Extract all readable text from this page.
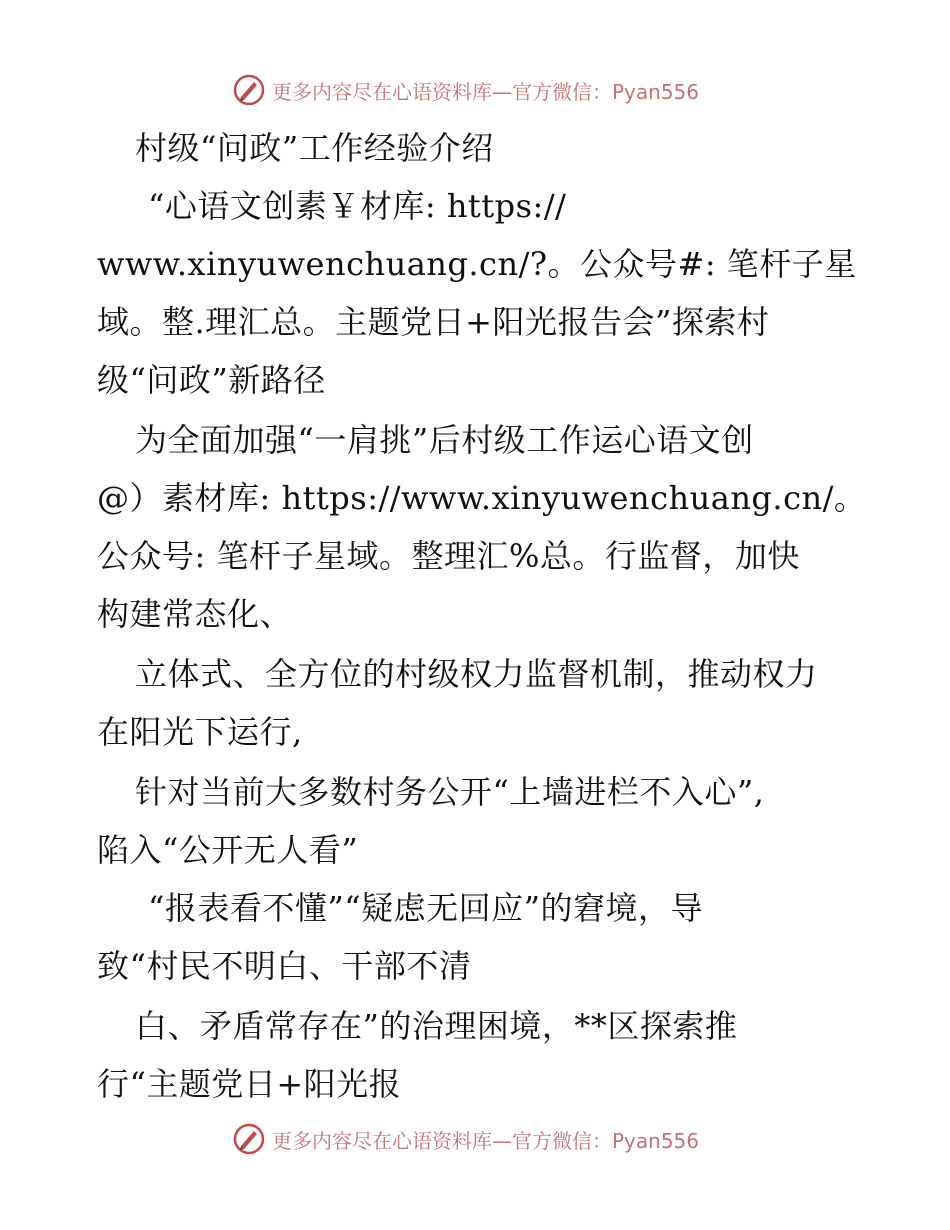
更多内容尽在心语资料库—官方微信：Pyan556
村级“问政”工作经验介绍
“心语文创素￥材库: https://
www.xinyuwenchuang.cn/?。公众号#: 笔杆子星
域。整.理汇总。主题党日+阳光报告会”探索村
级“问政”新路径
为全面加强“一肩挑”后村级工作运心语文创
@）素材库: https://www.xinyuwenchuang.cn/。
公众号: 笔杆子星域。整理汇%总。行监督，加快
构建常态化、
立体式、全方位的村级权力监督机制，推动权力
在阳光下运行,
针对当前大多数村务公开“上墙进栏不入心”,
陷入“公开无人看”
“报表看不懂”“疑虑无回应”的窘境，导
致“村民不明白、干部不清
白、矛盾常存在”的治理困境，**区探索推
行“主题党日+阳光报
更多内容尽在心语资料库—官方微信：Pyan556
